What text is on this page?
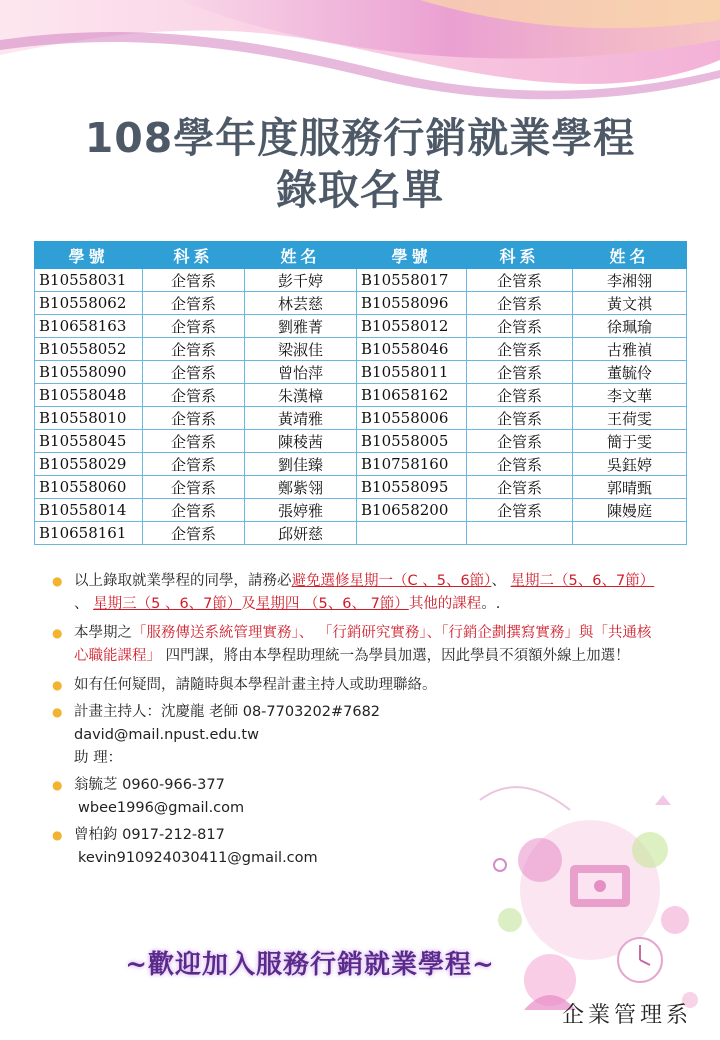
108學年度服務行銷就業學程
錄取名單
學號	科系	姓名	學號	科系	姓名
B10558031	企管系	彭千婷	B10558017	企管系	李湘翎
B10558062	企管系	林芸慈	B10558096	企管系	黃文祺
B10658163	企管系	劉雅菁	B10558012	企管系	徐珮瑜
B10558052	企管系	梁淑佳	B10558046	企管系	古雅禎
B10558090	企管系	曾怡萍	B10558011	企管系	董毓伶
B10558048	企管系	朱漢樟	B10658162	企管系	李文華
B10558010	企管系	黃靖雅	B10558006	企管系	王荷雯
B10558045	企管系	陳稜茜	B10558005	企管系	簡于雯
B10558029	企管系	劉佳臻	B10758160	企管系	吳鈺婷
B10558060	企管系	鄭紫翎	B10558095	企管系	郭晴甄
B10558014	企管系	張婷雅	B10658200	企管系	陳嫚庭
B10658161	企管系	邱妍慈			
● 以上錄取就業學程的同學，請務必避免選修星期一（C 、5、6節）、 星期二（5、6、7節） 、 星期三（5 、6、7節）及星期四 （5、6、 7節）其他的課程。.
● 本學期之「服務傳送系統管理實務」、 「行銷研究實務」、「行銷企劃撰寫實務」與「共通核心職能課程」 四門課，將由本學程助理統一為學員加選，因此學員不須額外線上加選！
● 如有任何疑問，請隨時與本學程計畫主持人或助理聯絡。
● 計畫主持人：沈慶龍 老師 08-7703202#7682
david@mail.npust.edu.tw
助 理：
● 翁毓芝 0960-966-377
wbee1996@gmail.com
● 曾柏鈞 0917-212-817
kevin910924030411@gmail.com
~歡迎加入服務行銷就業學程~
企業管理系
